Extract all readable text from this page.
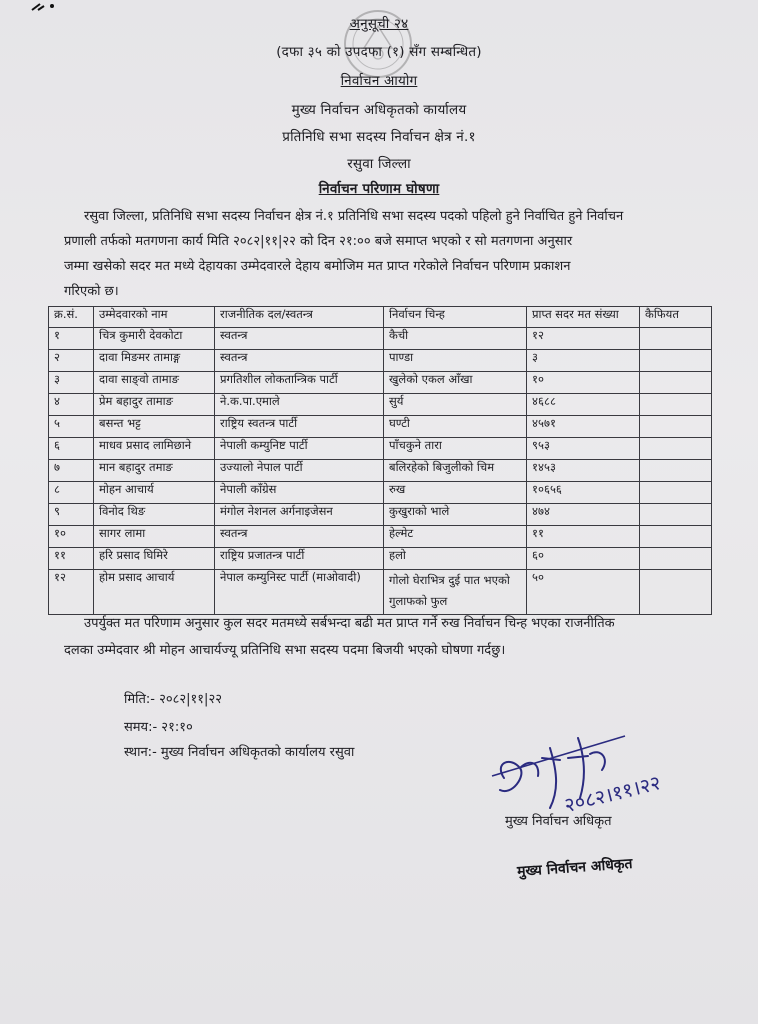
अनुसूची २४
(दफा ३५ को उपदफा (१) सँग सम्बन्धित)
निर्वाचन आयोग
मुख्य निर्वाचन अधिकृतको कार्यालय
प्रतिनिधि सभा सदस्य निर्वाचन क्षेत्र नं.१
रसुवा जिल्ला
निर्वाचन परिणाम घोषणा
रसुवा जिल्ला, प्रतिनिधि सभा सदस्य निर्वाचन क्षेत्र नं.१ प्रतिनिधि सभा सदस्य पदको पहिलो हुने निर्वाचित हुने निर्वाचन
प्रणाली तर्फको मतगणना कार्य मिति २०८२|११|२२ को दिन २१:०० बजे समाप्त भएको र सो मतगणना अनुसार
जम्मा खसेको सदर मत मध्ये देहायका उम्मेदवारले देहाय बमोजिम मत प्राप्त गरेकोले निर्वाचन परिणाम प्रकाशन
गरिएको छ।
क्र.सं.	उम्मेदवारको नाम	राजनीतिक दल/स्वतन्त्र	निर्वाचन चिन्ह	प्राप्त सदर मत संख्या	कैफियत
१	चित्र कुमारी देवकोटा	स्वतन्त्र	कैची	१२	
२	दावा मिङमर तामाङ्ग	स्वतन्त्र	पाण्डा	३	
३	दावा साङ्वो तामाङ	प्रगतिशील लोकतान्त्रिक पार्टी	खुलेको एकल आँखा	१०	
४	प्रेम बहादुर तामाङ	ने.क.पा.एमाले	सुर्य	४६८८	
५	बसन्त भट्ट	राष्ट्रिय स्वतन्त्र पार्टी	घण्टी	४५७१	
६	माधव प्रसाद लामिछाने	नेपाली कम्युनिष्ट पार्टी	पाँचकुने तारा	९५३	
७	मान बहादुर तमाङ	उज्यालो नेपाल पार्टी	बलिरहेको बिजुलीको चिम	१४५३	
८	मोहन आचार्य	नेपाली काँग्रेस	रुख	१०६५६	
९	विनोद थिङ	मंगोल नेशनल अर्गनाइजेसन	कुखुराको भाले	४७४	
१०	सागर लामा	स्वतन्त्र	हेल्मेट	११	
११	हरि प्रसाद घिमिरे	राष्ट्रिय प्रजातन्त्र पार्टी	हलो	६०	
१२	होम प्रसाद आचार्य	नेपाल कम्युनिस्ट पार्टी (माओवादी)	गोलो घेराभित्र दुई पात भएको गुलाफको फुल	५०	
उपर्युक्त मत परिणाम अनुसार कुल सदर मतमध्ये सर्बभन्दा बढी मत प्राप्त गर्ने रुख निर्वाचन चिन्ह भएका राजनीतिक
दलका उम्मेदवार श्री मोहन आचार्यज्यू प्रतिनिधि सभा सदस्य पदमा बिजयी भएको घोषणा गर्दछु।
मिति:- २०८२|११|२२
समय:- २१:१०
स्थान:- मुख्य निर्वाचन अधिकृतको कार्यालय रसुवा
२०८२।११।२२
मुख्य निर्वाचन अधिकृत
मुख्य निर्वाचन अधिकृत
